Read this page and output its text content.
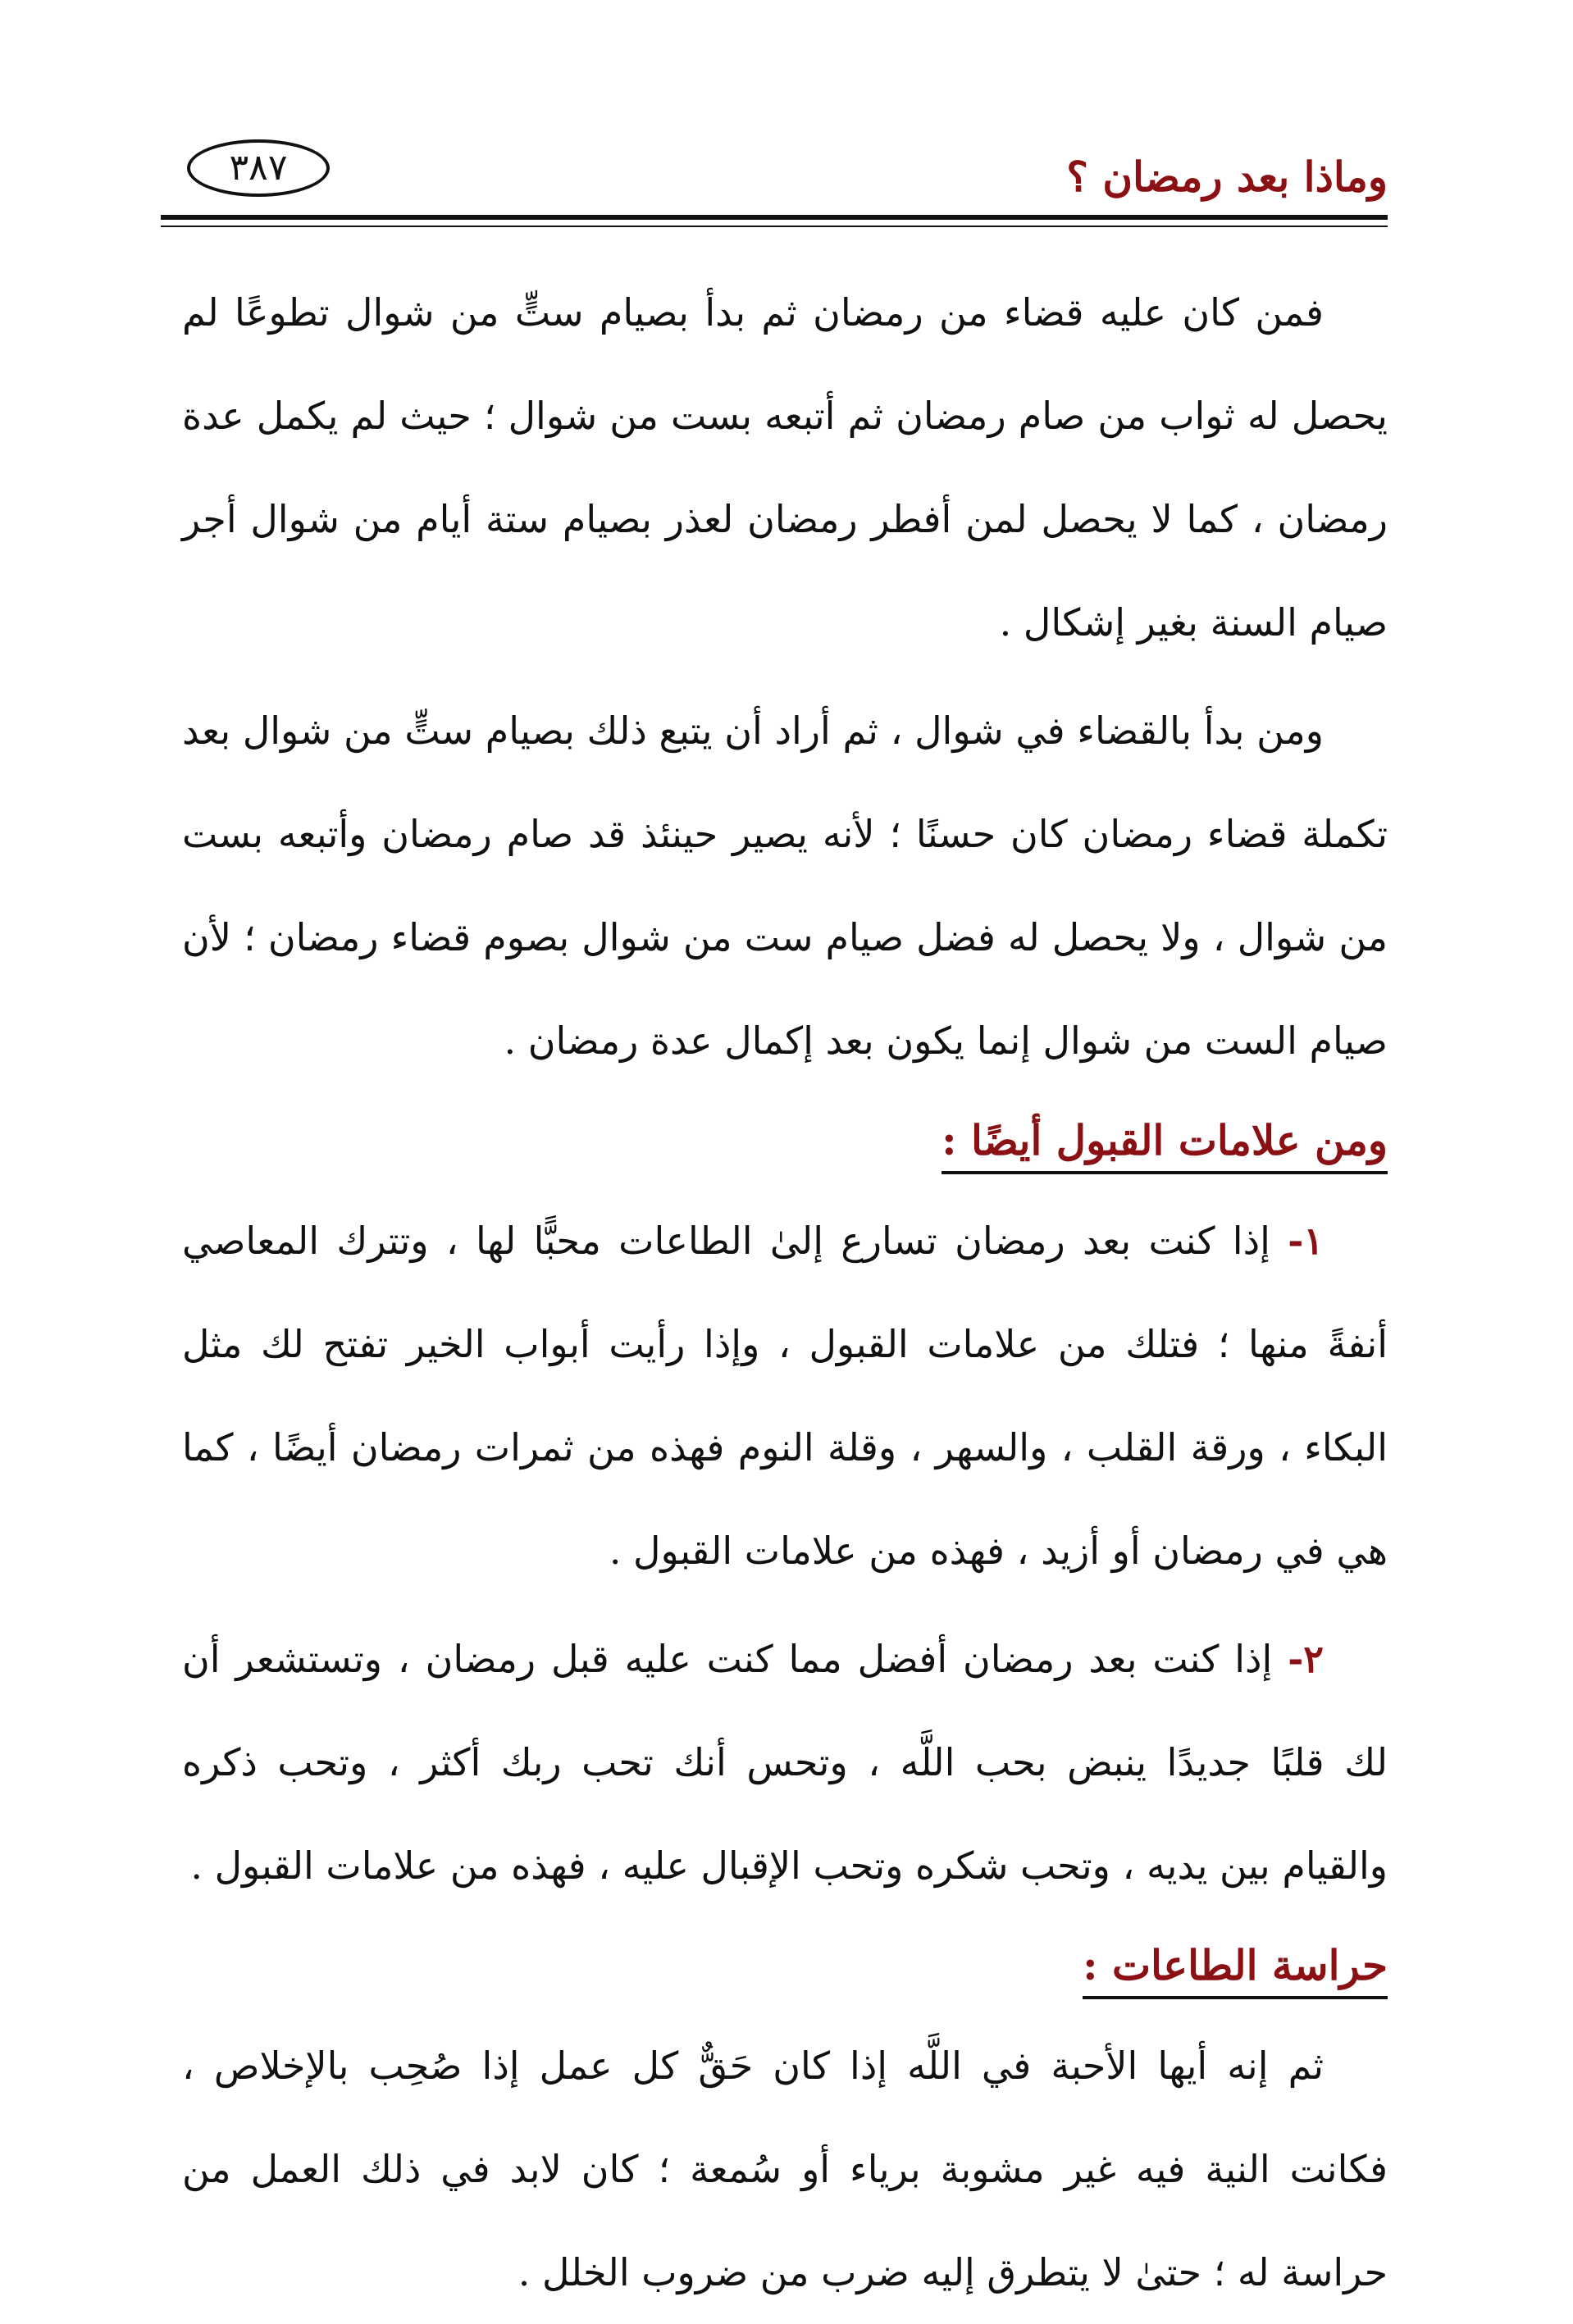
وماذا بعد رمضان ؟
٣٨٧

فمن كان عليه قضاء من رمضان ثم بدأ بصيام ستٍّ من شوال تطوعًا لم يحصل له ثواب من صام رمضان ثم أتبعه بست من شوال ؛ حيث لم يكمل عدة رمضان ، كما لا يحصل لمن أفطر رمضان لعذر بصيام ستة أيام من شوال أجر صيام السنة بغير إشكال .

ومن بدأ بالقضاء في شوال ، ثم أراد أن يتبع ذلك بصيام ستٍّ من شوال بعد تكملة قضاء رمضان كان حسنًا ؛ لأنه يصير حينئذ قد صام رمضان وأتبعه بست من شوال ، ولا يحصل له فضل صيام ست من شوال بصوم قضاء رمضان ؛ لأن صيام الست من شوال إنما يكون بعد إكمال عدة رمضان .

ومن علامات القبول أيضًا :

١- إذا كنت بعد رمضان تسارع إلىٰ الطاعات محبًّا لها ، وتترك المعاصي أنفةً منها ؛ فتلك من علامات القبول ، وإذا رأيت أبواب الخير تفتح لك مثل البكاء ، ورقة القلب ، والسهر ، وقلة النوم فهذه من ثمرات رمضان أيضًا ، كما هي في رمضان أو أزيد ، فهذه من علامات القبول .

٢- إذا كنت بعد رمضان أفضل مما كنت عليه قبل رمضان ، وتستشعر أن لك قلبًا جديدًا ينبض بحب اللَّه ، وتحس أنك تحب ربك أكثر ، وتحب ذكره والقيام بين يديه ، وتحب شكره وتحب الإقبال عليه ، فهذه من علامات القبول .

حراسة الطاعات :

ثم إنه أيها الأحبة في اللَّه إذا كان حَقٌّ كل عمل إذا صُحِب بالإخلاص ، فكانت النية فيه غير مشوبة برياء أو سُمعة ؛ كان لابد في ذلك العمل من حراسة له ؛ حتىٰ لا يتطرق إليه ضرب من ضروب الخلل .
